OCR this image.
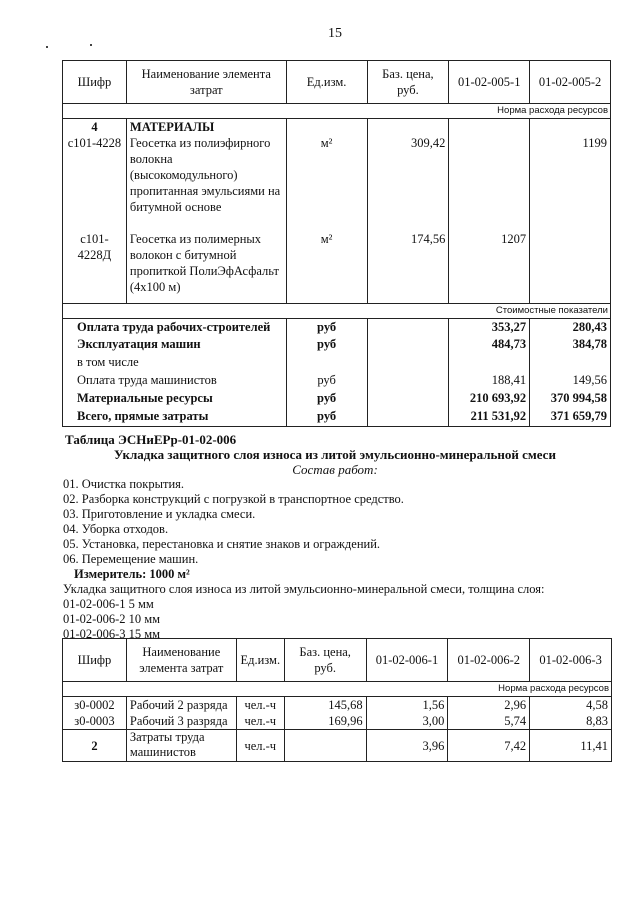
15
Шифр	Наименование элемента затрат	Ед.изм.	Баз. цена, руб.	01-02-005-1	01-02-005-2
Норма расхода ресурсов					
4	МАТЕРИАЛЫ				
с101-4228	Геосетка из полиэфирного волокна (высокомодульного) пропитанная эмульсиями на битумной основе	м²	309,42		1199
с101-4228Д	Геосетка из полимерных волокон с битумной пропиткой ПолиЭфАсфальт (4x100 м)	м²	174,56	1207	
Стоимостные показатели					
Оплата труда рабочих-строителей		руб		353,27	280,43
Эксплуатация машин		руб		484,73	384,78
в том числе					
Оплата труда машинистов		руб		188,41	149,56
Материальные ресурсы		руб		210 693,92	370 994,58
Всего, прямые затраты		руб		211 531,92	371 659,79
Таблица ЭСНиЕРр-01-02-006
Укладка защитного слоя износа из литой эмульсионно-минеральной смеси
Состав работ:
01. Очистка покрытия.
02. Разборка конструкций с погрузкой в транспортное средство.
03. Приготовление и укладка смеси.
04. Уборка отходов.
05. Установка, перестановка и снятие знаков и ограждений.
06. Перемещение машин.
Измеритель: 1000 м²
Укладка защитного слоя износа из литой эмульсионно-минеральной смеси, толщина слоя:
01-02-006-1 5 мм
01-02-006-2 10 мм
01-02-006-3 15 мм
Шифр	Наименование элемента затрат	Ед.изм.	Баз. цена, руб.	01-02-006-1	01-02-006-2	01-02-006-3
Норма расхода ресурсов						
з0-0002	Рабочий 2 разряда	чел.-ч	145,68	1,56	2,96	4,58
з0-0003	Рабочий 3 разряда	чел.-ч	169,96	3,00	5,74	8,83
2	Затраты труда машинистов	чел.-ч		3,96	7,42	11,41
